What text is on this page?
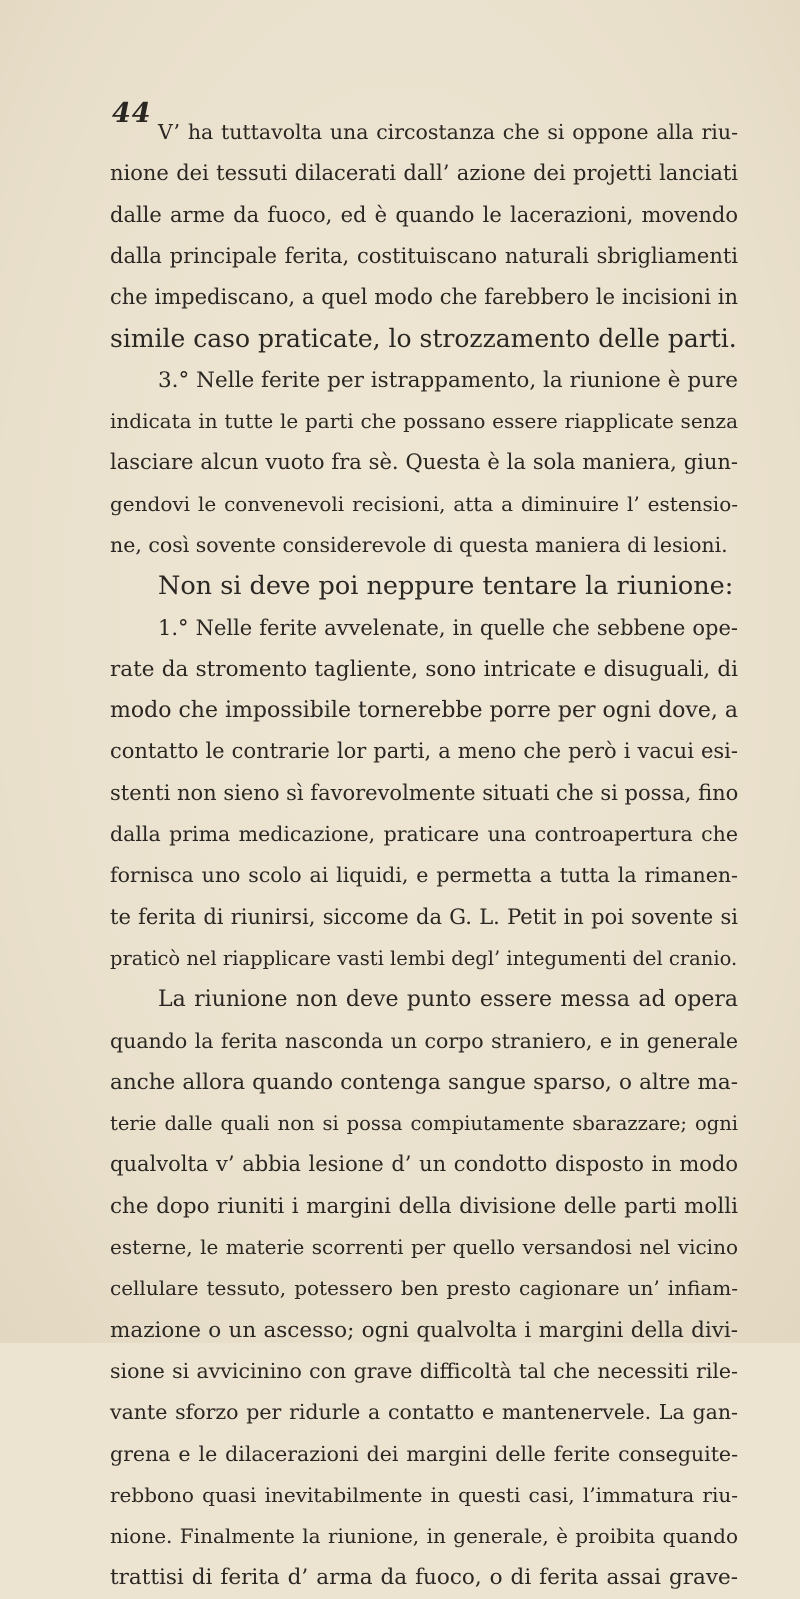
44
V’ ha tuttavolta una circostanza che si oppone alla riu-
nione dei tessuti dilacerati dall’ azione dei projetti lanciati
dalle arme da fuoco, ed è quando le lacerazioni, movendo
dalla principale ferita, costituiscano naturali sbrigliamenti
che impediscano, a quel modo che farebbero le incisioni in
simile caso praticate, lo strozzamento delle parti.
3.° Nelle ferite per istrappamento, la riunione è pure
indicata in tutte le parti che possano essere riapplicate senza
lasciare alcun vuoto fra sè. Questa è la sola maniera, giun-
gendovi le convenevoli recisioni, atta a diminuire l’ estensio-
ne, così sovente considerevole di questa maniera di lesioni.
Non si deve poi neppure tentare la riunione:
1.° Nelle ferite avvelenate, in quelle che sebbene ope-
rate da stromento tagliente, sono intricate e disuguali, di
modo che impossibile tornerebbe porre per ogni dove, a
contatto le contrarie lor parti, a meno che però i vacui esi-
stenti non sieno sì favorevolmente situati che si possa, fino
dalla prima medicazione, praticare una controapertura che
fornisca uno scolo ai liquidi, e permetta a tutta la rimanen-
te ferita di riunirsi, siccome da G. L. Petit in poi sovente si
praticò nel riapplicare vasti lembi degl’ integumenti del cranio.
La riunione non deve punto essere messa ad opera
quando la ferita nasconda un corpo straniero, e in generale
anche allora quando contenga sangue sparso, o altre ma-
terie dalle quali non si possa compiutamente sbarazzare; ogni
qualvolta v’ abbia lesione d’ un condotto disposto in modo
che dopo riuniti i margini della divisione delle parti molli
esterne, le materie scorrenti per quello versandosi nel vicino
cellulare tessuto, potessero ben presto cagionare un’ infiam-
mazione o un ascesso; ogni qualvolta i margini della divi-
sione si avvicinino con grave difficoltà tal che necessiti rile-
vante sforzo per ridurle a contatto e mantenervele. La gan-
grena e le dilacerazioni dei margini delle ferite conseguite-
rebbono quasi inevitabilmente in questi casi, l’immatura riu-
nione. Finalmente la riunione, in generale, è proibita quando
trattisi di ferita d’ arma da fuoco, o di ferita assai grave-
